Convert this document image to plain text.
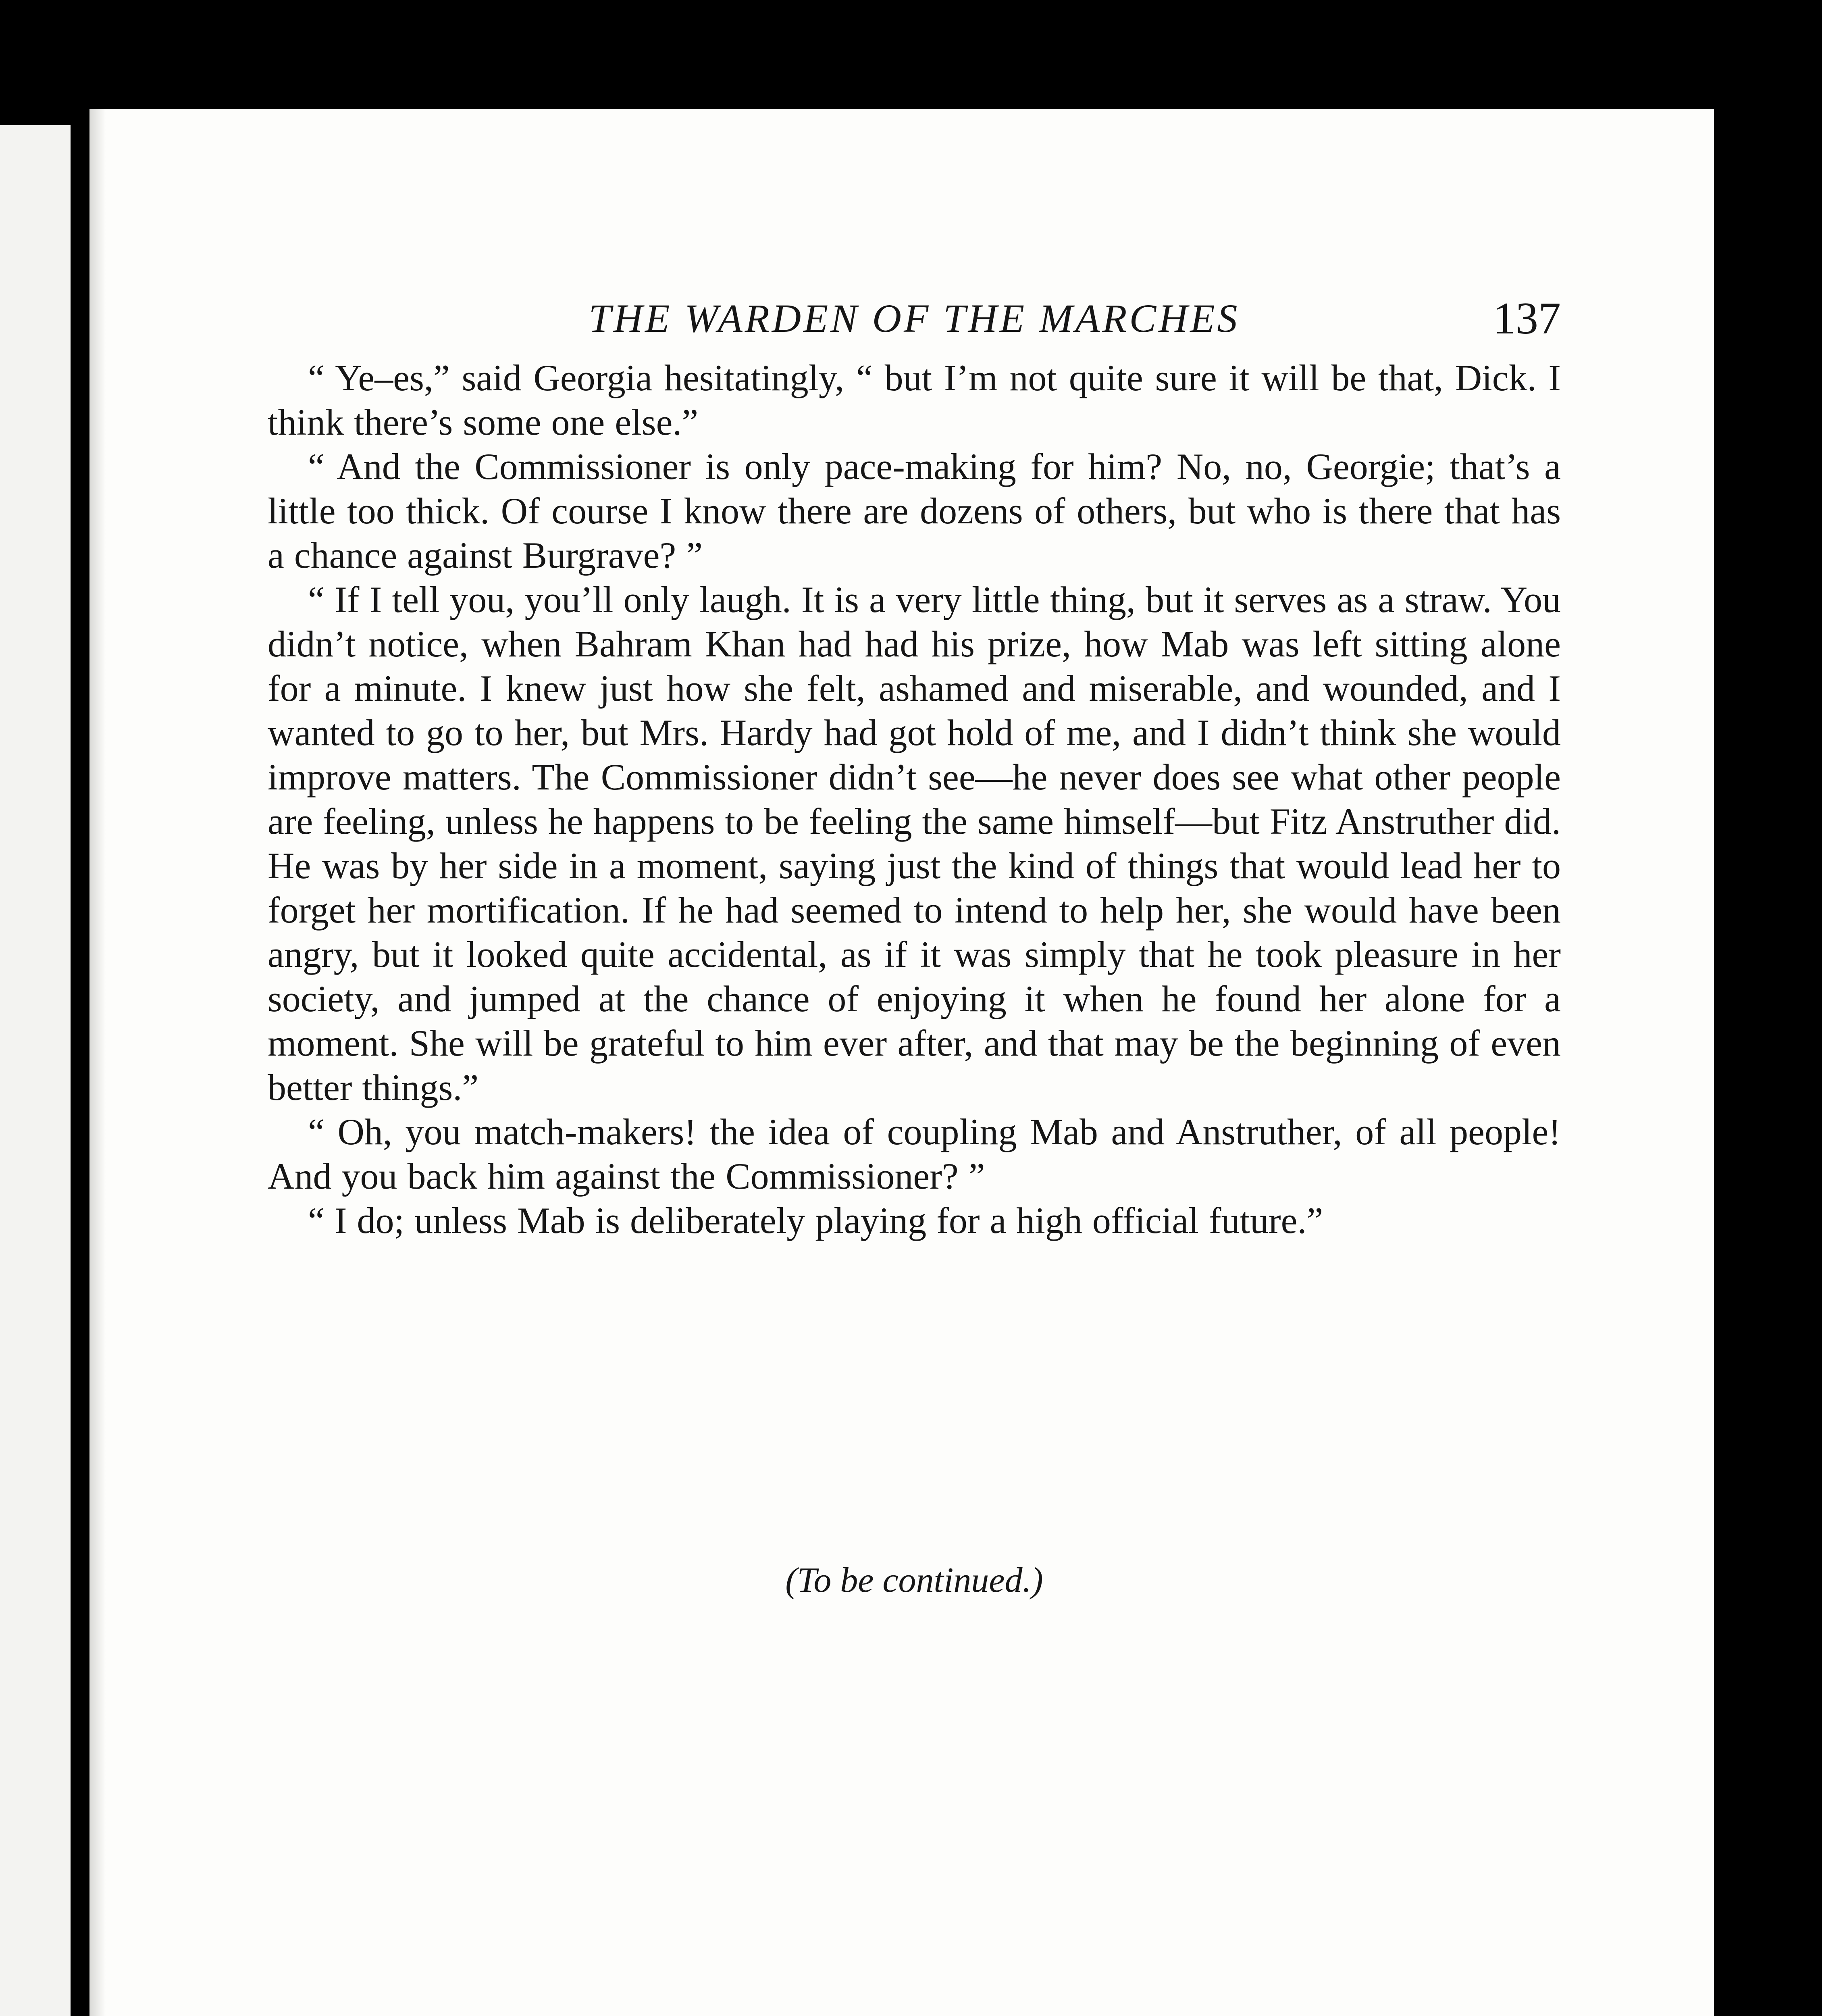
THE WARDEN OF THE MARCHES	137

“ Ye–es,” said Georgia hesitatingly, “ but I’m not quite sure it will be that, Dick. I think there’s some one else.”

“ And the Commissioner is only pace-making for him? No, no, Georgie; that’s a little too thick. Of course I know there are dozens of others, but who is there that has a chance against Burgrave? ”

“ If I tell you, you’ll only laugh. It is a very little thing, but it serves as a straw. You didn’t notice, when Bahram Khan had had his prize, how Mab was left sitting alone for a minute. I knew just how she felt, ashamed and miserable, and wounded, and I wanted to go to her, but Mrs. Hardy had got hold of me, and I didn’t think she would improve matters. The Commissioner didn’t see—he never does see what other people are feeling, unless he happens to be feeling the same himself—but Fitz Anstruther did. He was by her side in a moment, saying just the kind of things that would lead her to forget her mortification. If he had seemed to intend to help her, she would have been angry, but it looked quite accidental, as if it was simply that he took pleasure in her society, and jumped at the chance of enjoying it when he found her alone for a moment. She will be grateful to him ever after, and that may be the beginning of even better things.”

“ Oh, you match-makers! the idea of coupling Mab and Anstruther, of all people! And you back him against the Commissioner? ”

“ I do; unless Mab is deliberately playing for a high official future.”

(To be continued.)
